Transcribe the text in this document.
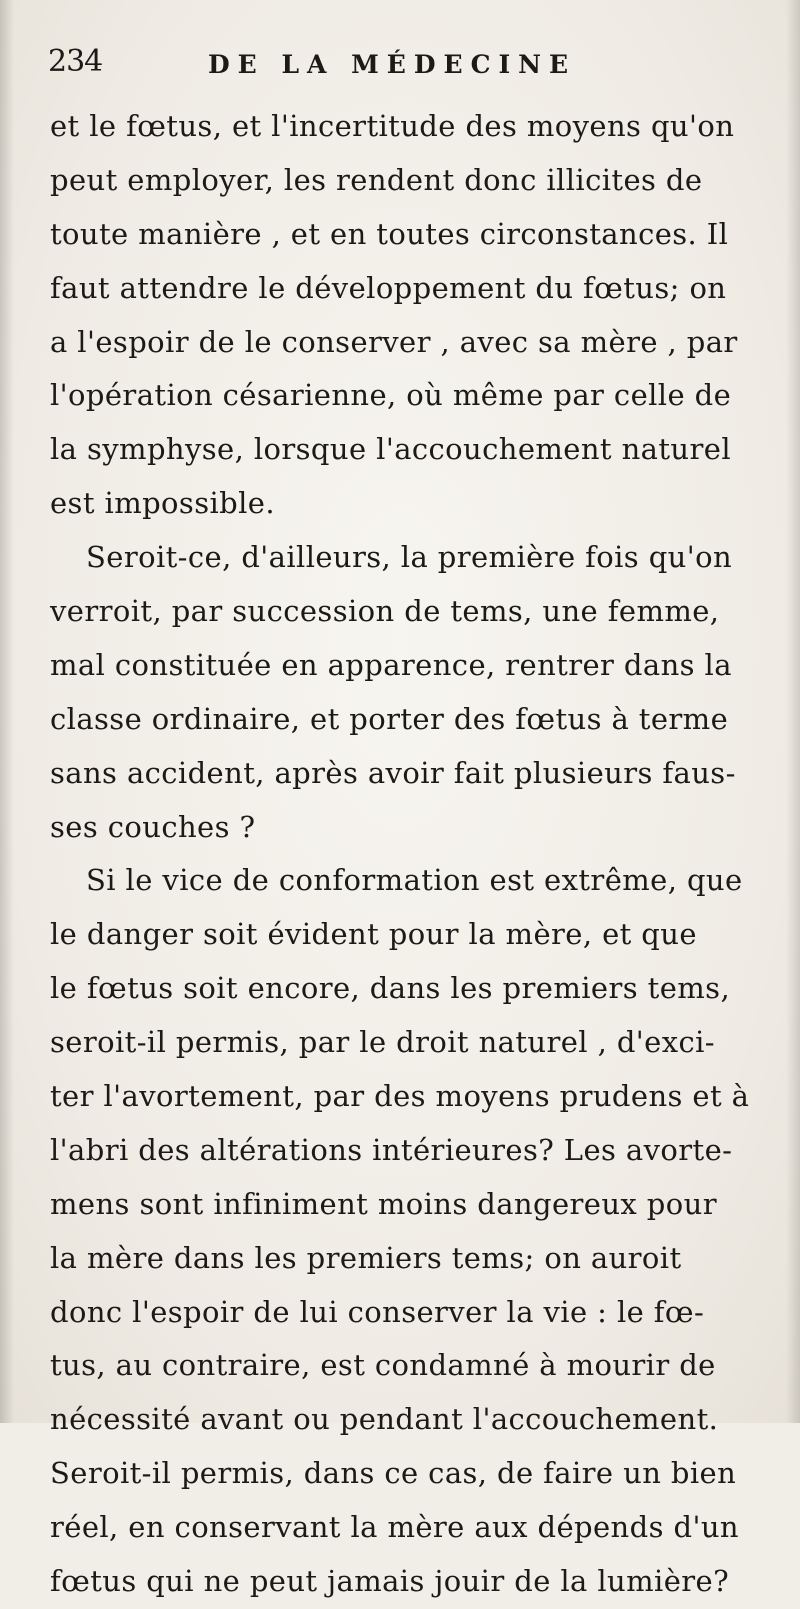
234	DE LA MÉDECINE
et le fœtus, et l'incertitude des moyens qu'on
peut employer, les rendent donc illicites de
toute manière , et en toutes circonstances. Il
faut attendre le développement du fœtus; on
a l'espoir de le conserver , avec sa mère , par
l'opération césarienne, où même par celle de
la symphyse, lorsque l'accouchement naturel
est impossible.
Seroit-ce, d'ailleurs, la première fois qu'on
verroit, par succession de tems, une femme,
mal constituée en apparence, rentrer dans la
classe ordinaire, et porter des fœtus à terme
sans accident, après avoir fait plusieurs faus-
ses couches ?
Si le vice de conformation est extrême, que
le danger soit évident pour la mère, et que
le fœtus soit encore, dans les premiers tems,
seroit-il permis, par le droit naturel , d'exci-
ter l'avortement, par des moyens prudens et à
l'abri des altérations intérieures? Les avorte-
mens sont infiniment moins dangereux pour
la mère dans les premiers tems; on auroit
donc l'espoir de lui conserver la vie : le fœ-
tus, au contraire, est condamné à mourir de
nécessité avant ou pendant l'accouchement.
Seroit-il permis, dans ce cas, de faire un bien
réel, en conservant la mère aux dépends d'un
fœtus qui ne peut jamais jouir de la lumière?
